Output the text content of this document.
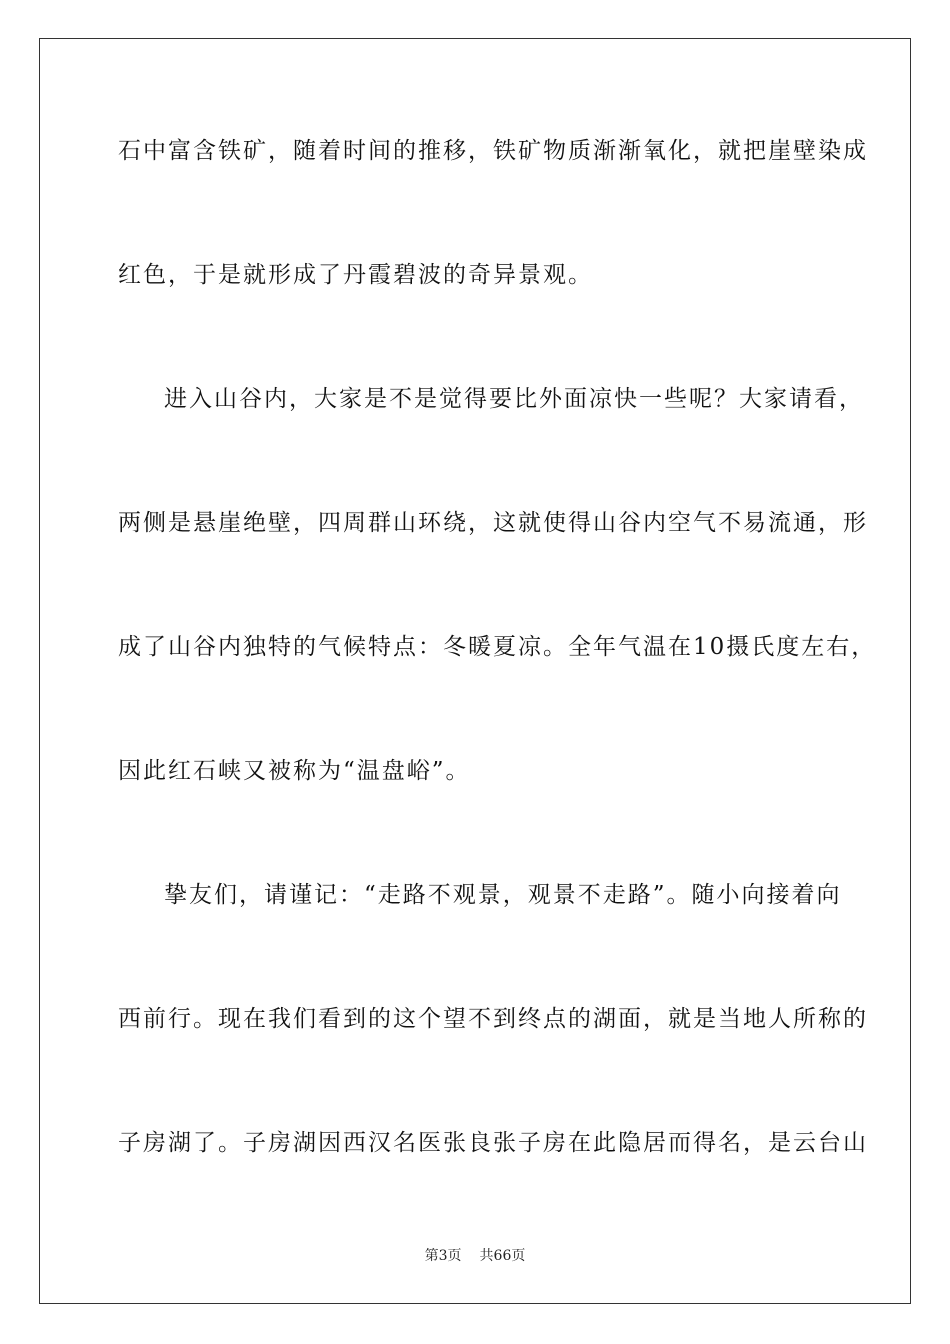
石中富含铁矿，随着时间的推移，铁矿物质渐渐氧化，就把崖壁染成
红色，于是就形成了丹霞碧波的奇异景观。
进入山谷内，大家是不是觉得要比外面凉快一些呢？大家请看，
两侧是悬崖绝壁，四周群山环绕，这就使得山谷内空气不易流通，形
成了山谷内独特的气候特点：冬暖夏凉。全年气温在10摄氏度左右，
因此红石峡又被称为“温盘峪”。
挚友们，请谨记：“走路不观景，观景不走路”。随小向接着向
西前行。现在我们看到的这个望不到终点的湖面，就是当地人所称的
子房湖了。子房湖因西汉名医张良张子房在此隐居而得名，是云台山
第3页 共66页
